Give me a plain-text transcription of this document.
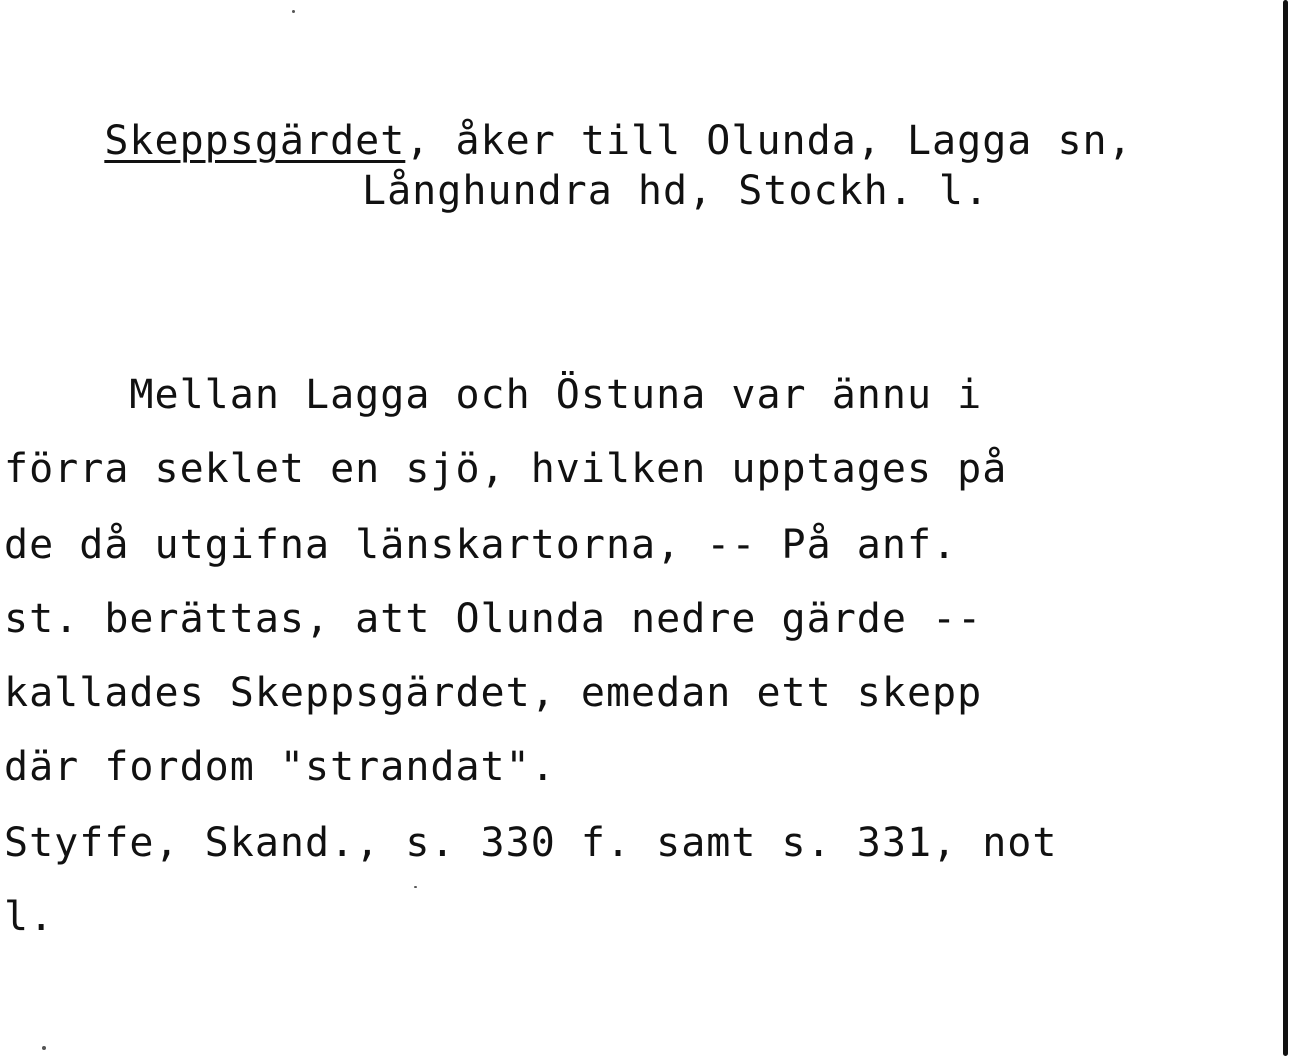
Skeppsgärdet, åker till Olunda, Lagga sn,

Långhundra hd, Stockh. l.
Mellan Lagga och Östuna var ännu i
förra seklet en sjö, hvilken upptages på
de då utgifna länskartorna, -- På anf.
st. berättas, att Olunda nedre gärde --
kallades Skeppsgärdet, emedan ett skepp
där fordom "strandat".
Styffe, Skand., s. 330 f. samt s. 331, not
l.
